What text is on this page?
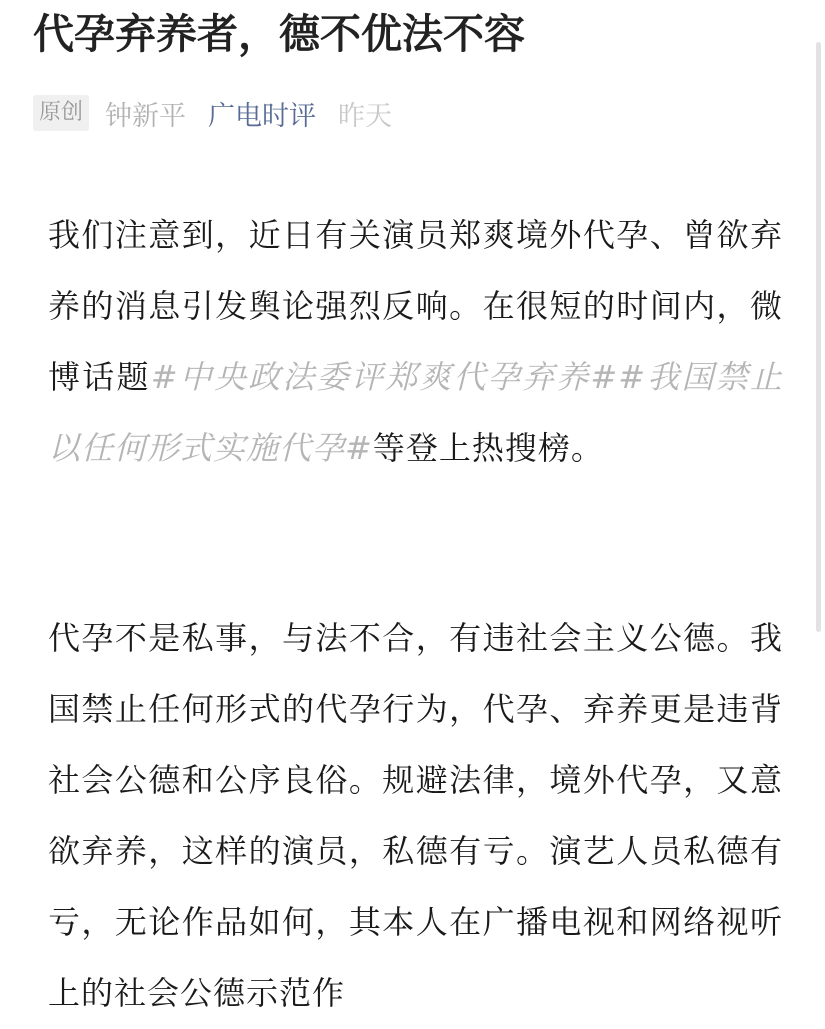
代孕弃养者，德不优法不容
原创 钟新平 广电时评 昨天

我们注意到，近日有关演员郑爽境外代孕、曾欲弃养的消息引发舆论强烈反响。在很短的时间内，微博话题#中央政法委评郑爽代孕弃养##我国禁止以任何形式实施代孕#等登上热搜榜。

代孕不是私事，与法不合，有违社会主义公德。我国禁止任何形式的代孕行为，代孕、弃养更是违背社会公德和公序良俗。规避法律，境外代孕，又意欲弃养，这样的演员，私德有亏。演艺人员私德有亏，无论作品如何，其本人在广播电视和网络视听上的社会公德示范作
